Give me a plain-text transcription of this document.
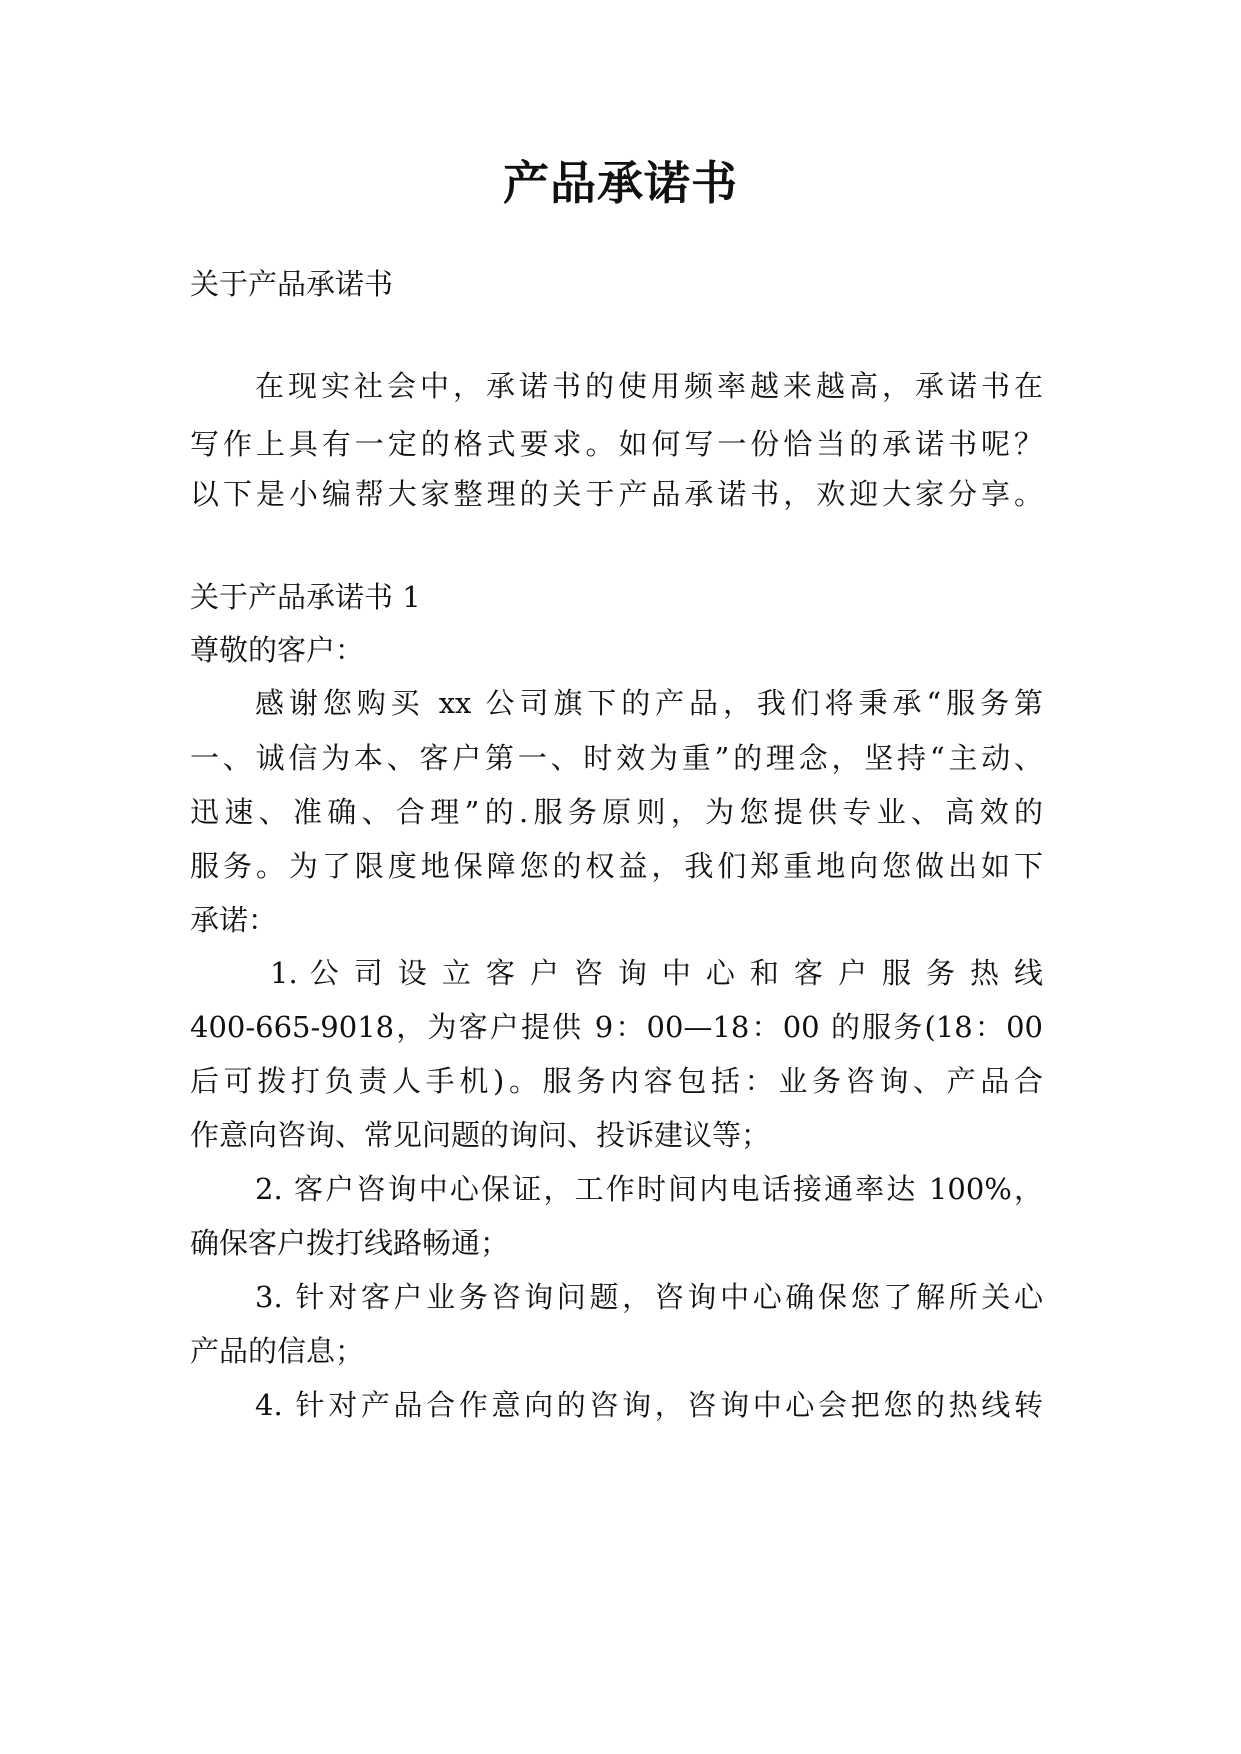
产品承诺书

关于产品承诺书

在现实社会中，承诺书的使用频率越来越高，承诺书在

写作上具有一定的格式要求。如何写一份恰当的承诺书呢？

以下是小编帮大家整理的关于产品承诺书，欢迎大家分享。

关于产品承诺书 1

尊敬的客户：

感谢您购买 xx 公司旗下的产品，我们将秉承“服务第

一、诚信为本、客户第一、时效为重”的理念，坚持“主动、

迅速、准确、合理”的.服务原则，为您提供专业、高效的

服务。为了限度地保障您的权益，我们郑重地向您做出如下

承诺：

1. 公 司 设 立 客 户 咨 询 中 心 和 客 户 服 务 热 线

400-665-9018，为客户提供 9：00—18：00 的服务(18：00

后可拨打负责人手机)。服务内容包括：业务咨询、产品合

作意向咨询、常见问题的询问、投诉建议等；

2. 客户咨询中心保证，工作时间内电话接通率达 100%，

确保客户拨打线路畅通；

3. 针对客户业务咨询问题，咨询中心确保您了解所关心

产品的信息；

4. 针对产品合作意向的咨询，咨询中心会把您的热线转
